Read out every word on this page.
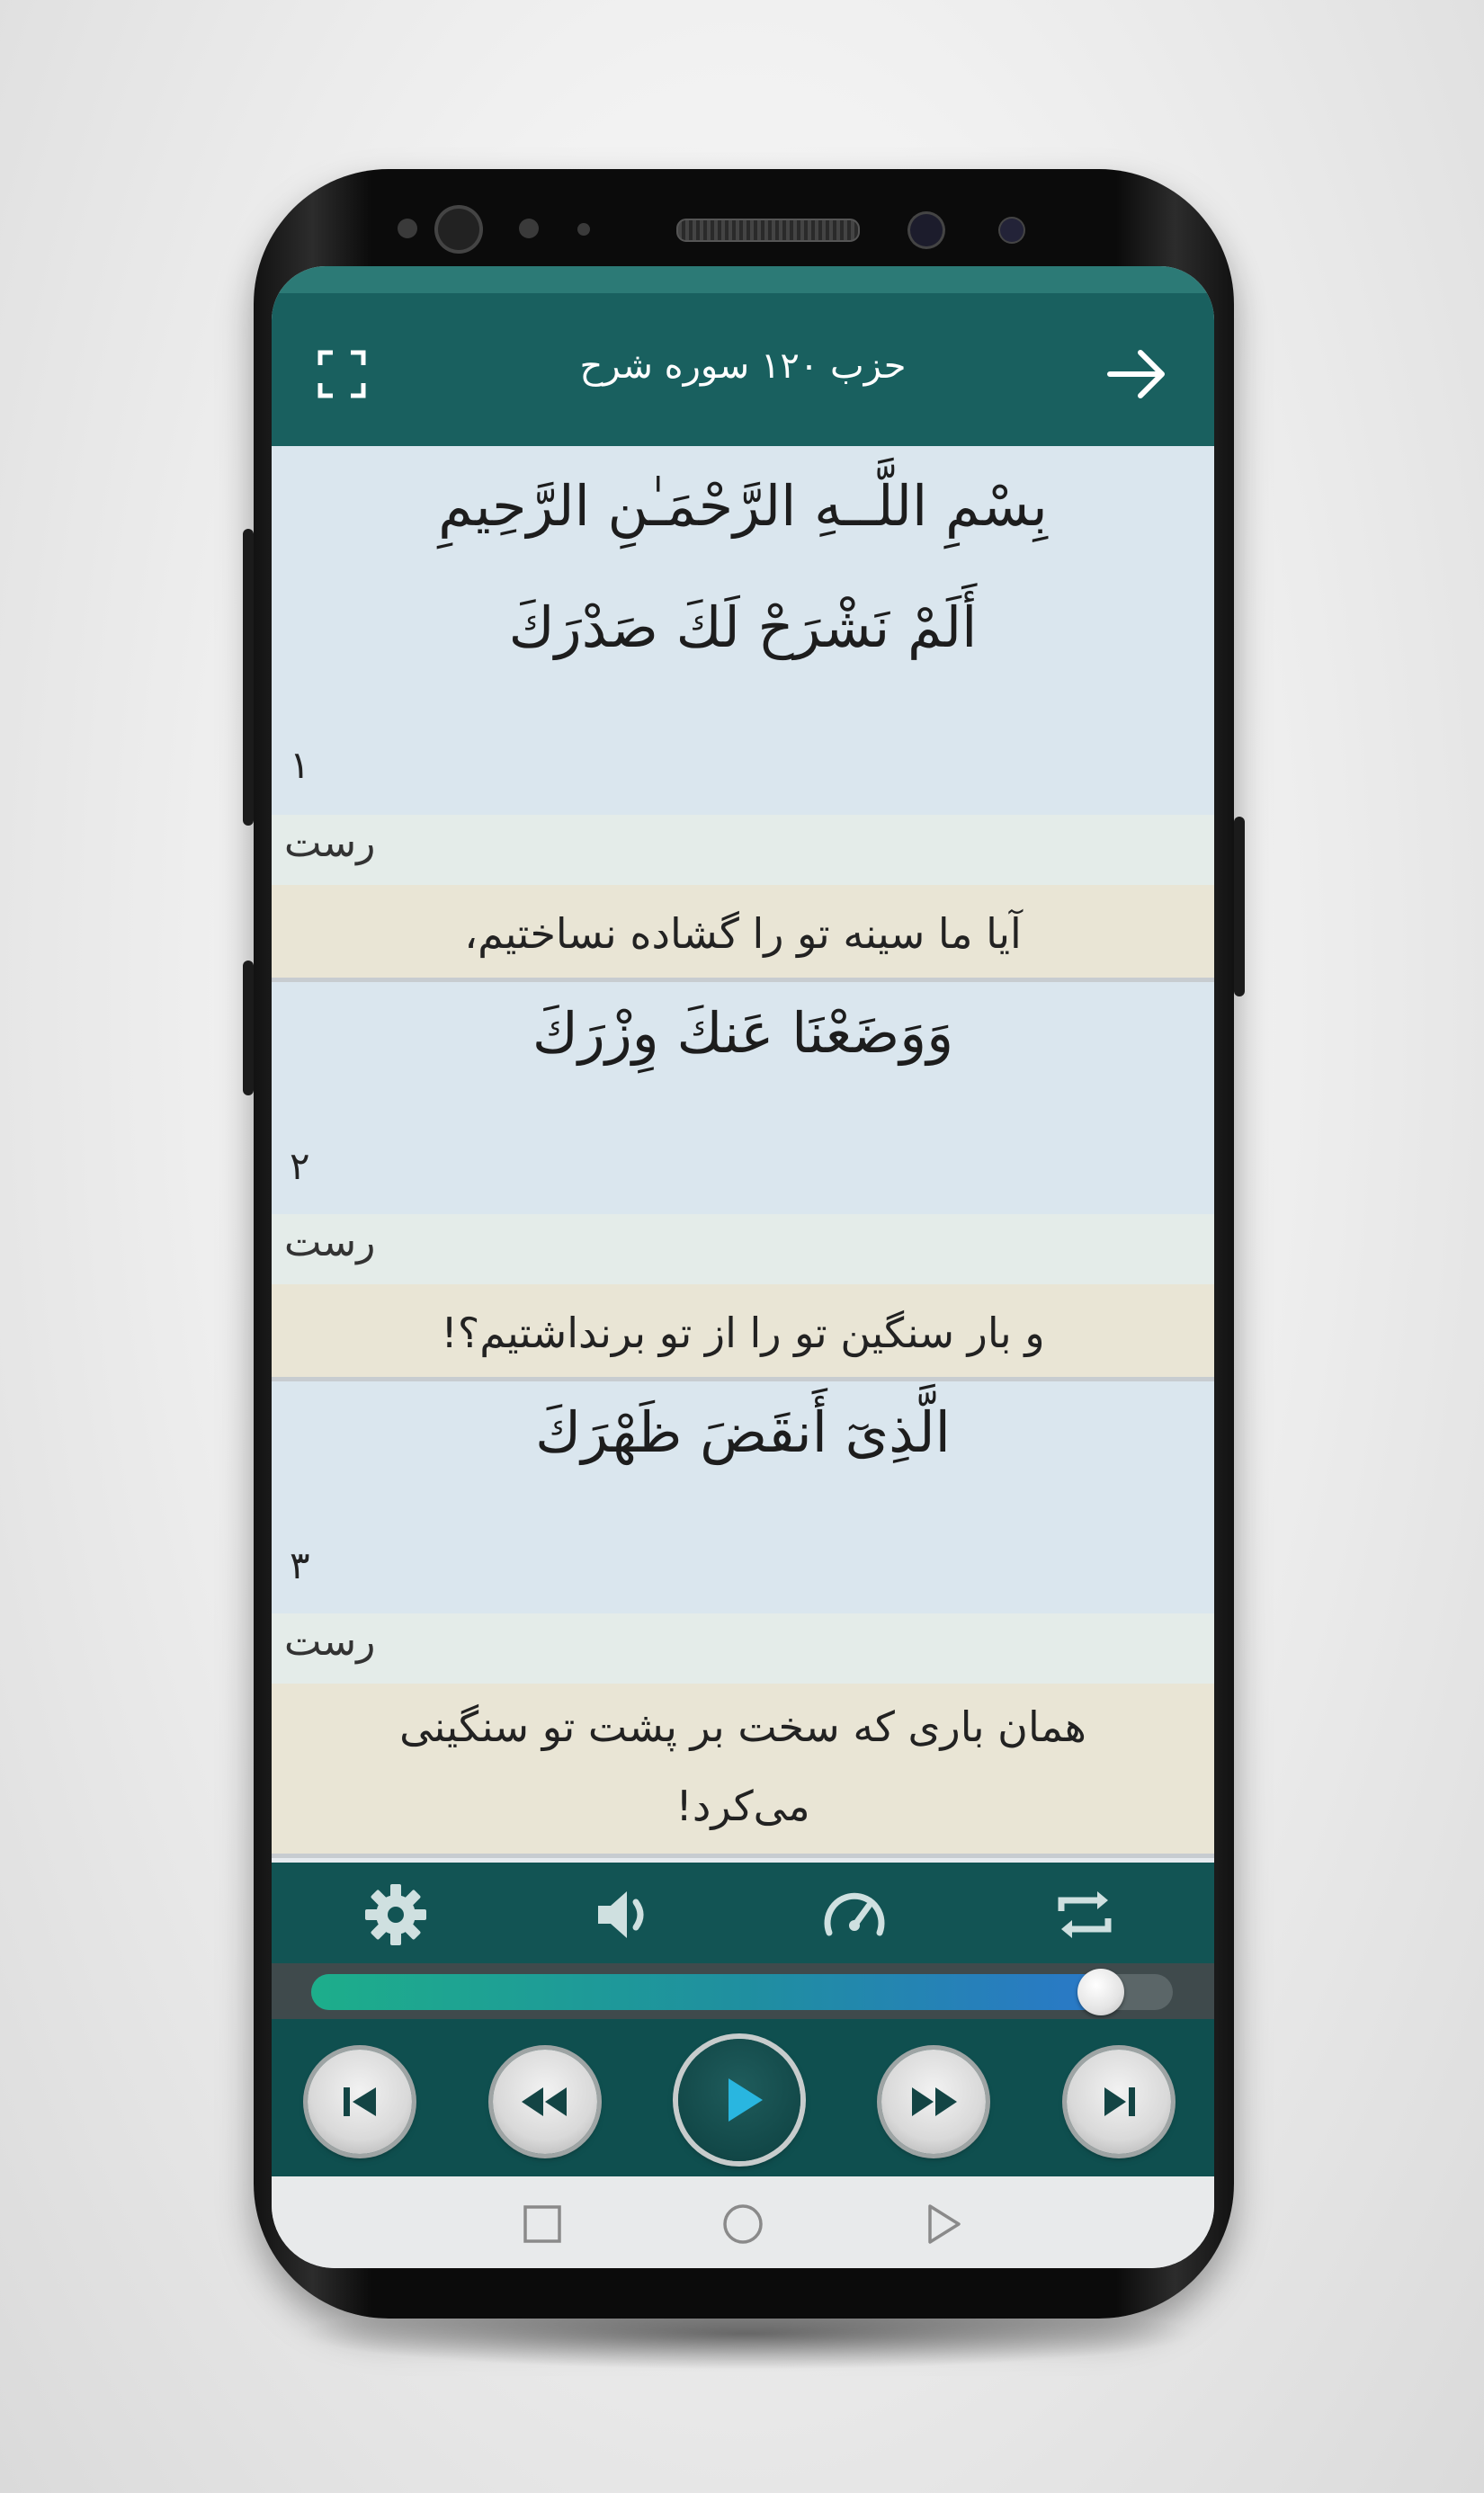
حزب ۱۲۰ سوره شرح
بِسْمِ اللَّــهِ الرَّحْمَـٰنِ الرَّحِيمِ
أَلَمْ نَشْرَحْ لَكَ صَدْرَكَ
۱
رست
آیا ما سینه تو را گشاده نساختیم،
وَوَضَعْنَا عَنكَ وِزْرَكَ
۲
رست
و بار سنگین تو را از تو برنداشتیم؟!
الَّذِیٓ أَنقَضَ ظَهْرَكَ
۳
رست
همان باری که سخت بر پشت تو سنگینی می‌کرد!
